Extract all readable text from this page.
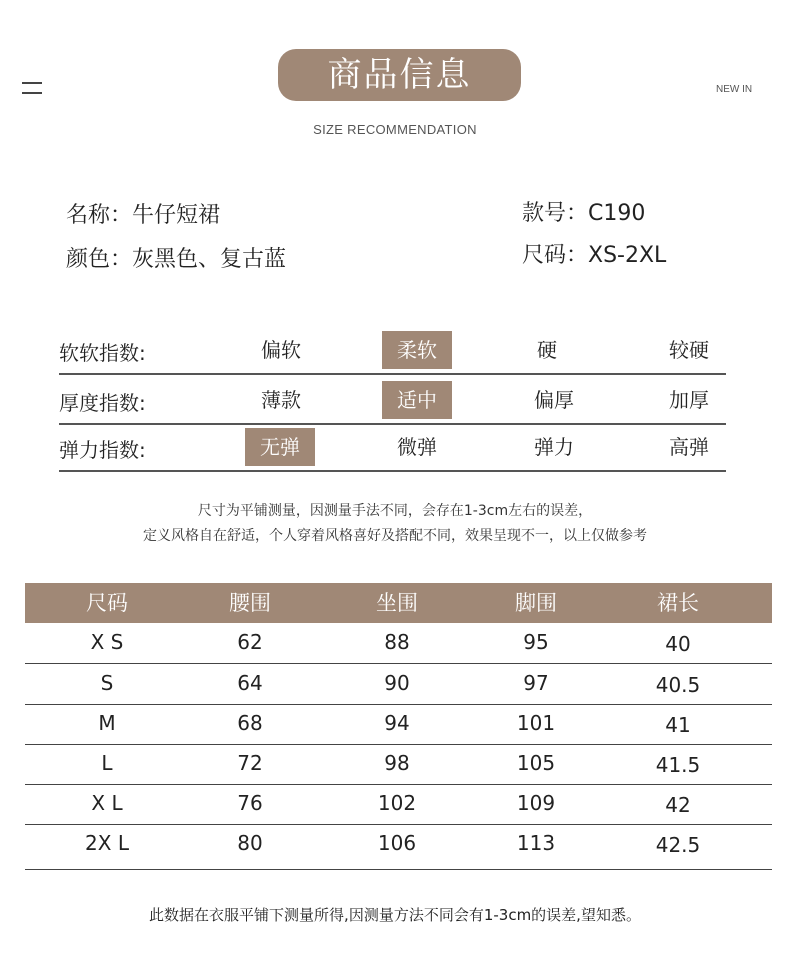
商品信息	NEW IN
SIZE RECOMMENDATION
名称：牛仔短裙
颜色：灰黑色、复古蓝
款号：C190
尺码：XS-2XL
软软指数:	偏软	柔软	硬	较硬
厚度指数:	薄款	适中	偏厚	加厚
弹力指数:	无弹	微弹	弹力	高弹
尺寸为平铺测量，因测量手法不同，会存在1-3cm左右的误差，
定义风格自在舒适，个人穿着风格喜好及搭配不同，效果呈现不一，以上仅做参考
尺码	腰围	坐围	脚围	裙长
X S	62	88	95	40
S	64	90	97	40.5
M	68	94	101	41
L	72	98	105	41.5
X L	76	102	109	42
2X L	80	106	113	42.5
此数据在衣服平铺下测量所得,因测量方法不同会有1-3cm的误差,望知悉。
